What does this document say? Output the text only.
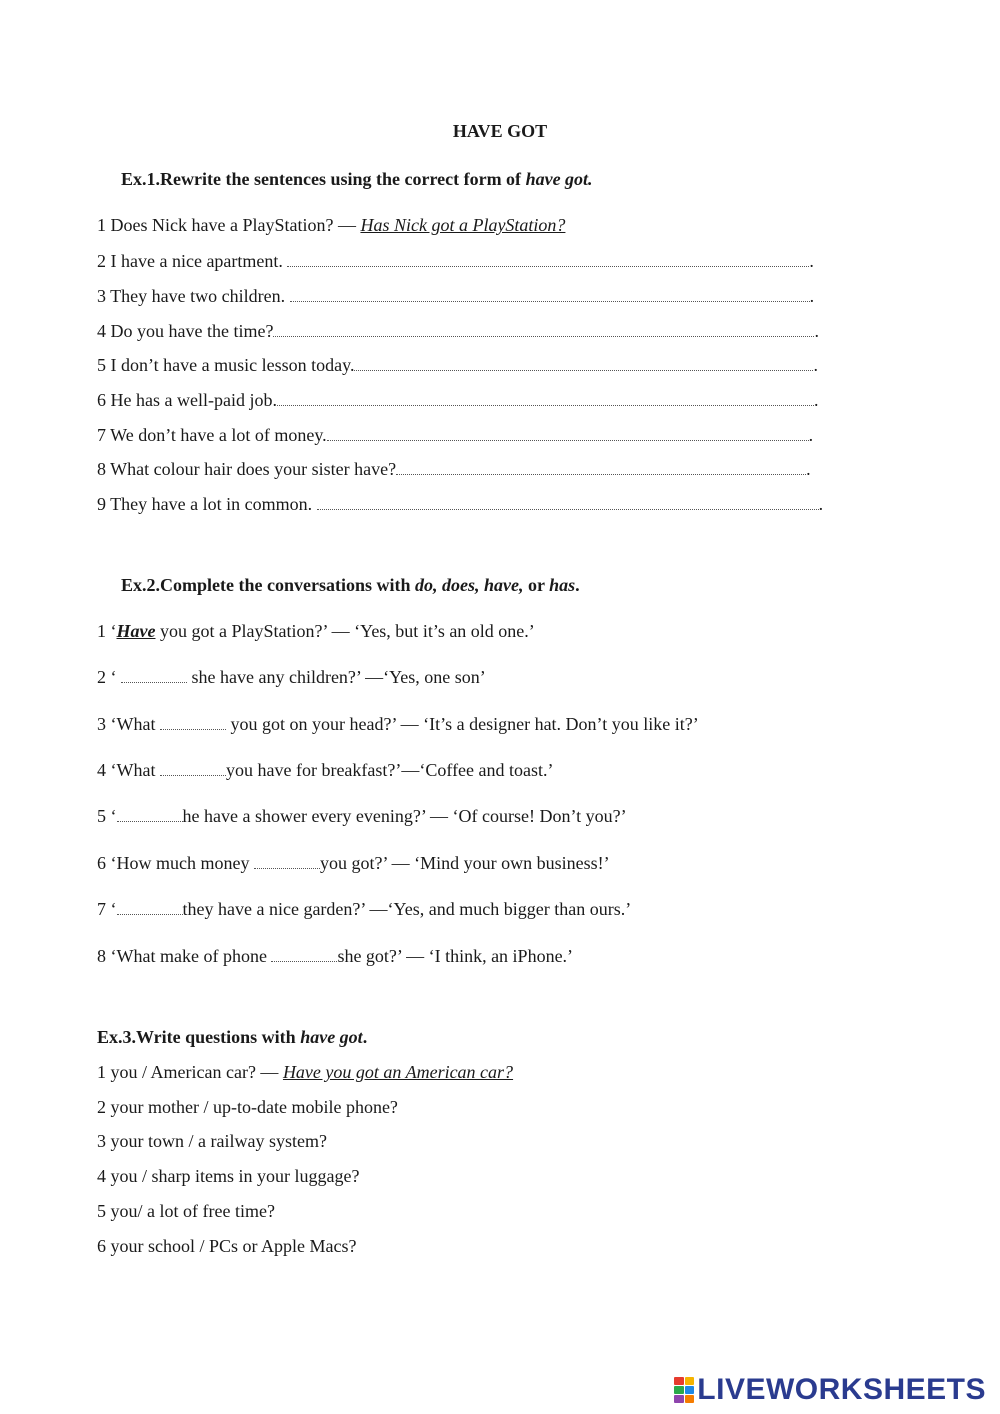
HAVE GOT
Ex.1.Rewrite the sentences using the correct form of have got.
1 Does Nick have a PlayStation? — Has Nick got a PlayStation?
2 I have a nice apartment.	.
3 They have two children.	.
4 Do you have the time?	.
5 I don’t have a music lesson today.	.
6 He has a well-paid job.	.
7 We don’t have a lot of money.	.
8 What colour hair does your sister have?	.
9 They have a lot in common.	.
Ex.2.Complete the conversations with do, does, have, or has.
1 ‘Have you got a PlayStation?’ — ‘Yes, but it’s an old one.’
2 ‘	she have any children?’ —‘Yes, one son’
3 ‘What	you got on your head?’ — ‘It’s a designer hat. Don’t you like it?’
4 ‘What	you have for breakfast?’—‘Coffee and toast.’
5 ‘	he have a shower every evening?’ — ‘Of course! Don’t you?’
6 ‘How much money	you got?’ — ‘Mind your own business!’
7 ‘	they have a nice garden?’ —‘Yes, and much bigger than ours.’
8 ‘What make of phone	she got?’ — ‘I think, an iPhone.’
Ex.3.Write questions with have got.
1 you / American car? — Have you got an American car?
2 your mother / up-to-date mobile phone?
3 your town / a railway system?
4 you / sharp items in your luggage?
5 you/ a lot of free time?
6 your school / PCs or Apple Macs?
LIVEWORKSHEETS
